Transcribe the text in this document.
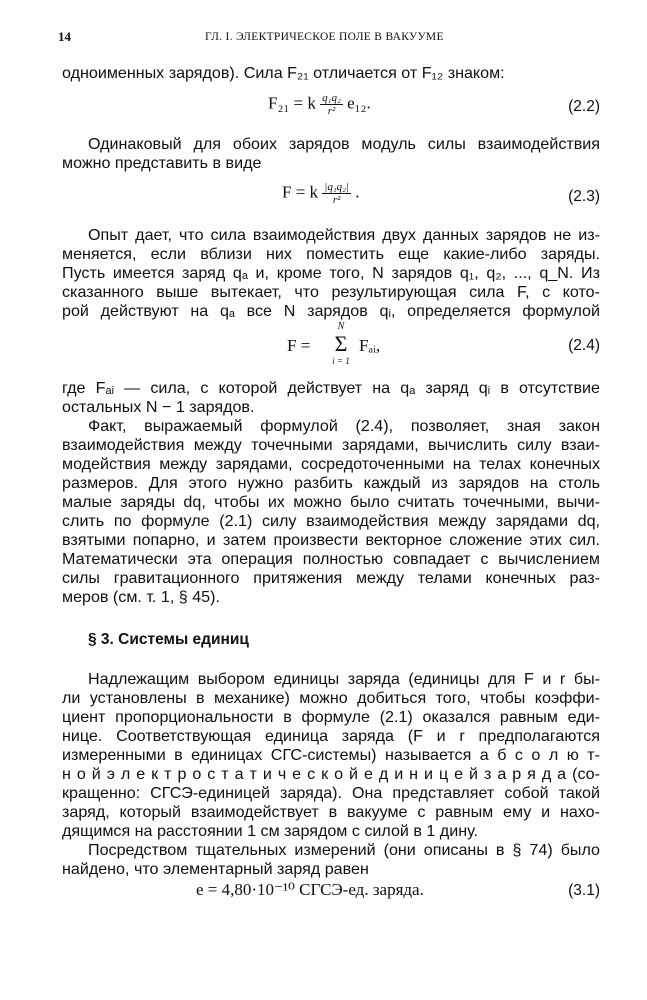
14	ГЛ. I. ЭЛЕКТРИЧЕСКОЕ ПОЛЕ В ВАКУУМЕ
одноименных зарядов). Сила F₂₁ отличается от F₁₂ знаком:
F₂₁ = k $\frac{\text{q₁q₂}}{\text{r²}} e_{12}$.	(2.2)
Одинаковый для обоих зарядов модуль силы взаимодействия
можно представить в виде
F = k $\frac{\text{|q₁q₂|}}{\text{r²}}$ .	(2.3)
Опыт дает, что сила взаимодействия двух данных зарядов не из-
меняется, если вблизи них поместить еще какие-либо заряды.
Пусть имеется заряд qₐ и, кроме того, N зарядов q₁, q₂, ..., q_N. Из
сказанного выше вытекает, что результирующая сила F, с кото-
рой действуют на qₐ все N зарядов qᵢ, определяется формулой
F =
N
Σ
i = 1
Fₐᵢ,	(2.4)
где Fₐᵢ — сила, с которой действует на qₐ заряд qᵢ в отсутствие
остальных N − 1 зарядов.
Факт, выражаемый формулой (2.4), позволяет, зная закон
взаимодействия между точечными зарядами, вычислить силу взаи-
модействия между зарядами, сосредоточенными на телах конечных
размеров. Для этого нужно разбить каждый из зарядов на столь
малые заряды dq, чтобы их можно было считать точечными, вычи-
слить по формуле (2.1) силу взаимодействия между зарядами dq,
взятыми попарно, и затем произвести векторное сложение этих сил.
Математически эта операция полностью совпадает с вычислением
силы гравитационного притяжения между телами конечных раз-
меров (см. т. 1, § 45).
§ 3. Системы единиц
Надлежащим выбором единицы заряда (единицы для F и r бы-
ли установлены в механике) можно добиться того, чтобы коэффи-
циент пропорциональности в формуле (2.1) оказался равным еди-
нице. Соответствующая единица заряда (F и r предполагаются
измеренными в единицах СГС-системы) называется а б с о л ю т-
н о й э л е к т р о с т а т и ч е с к о й е д и н и ц е й з а р я д а (со-
кращенно: СГСЭ-единицей заряда). Она представляет собой такой
заряд, который взаимодействует в вакууме с равным ему и нахо-
дящимся на расстоянии 1 см зарядом с силой в 1 дину.
Посредством тщательных измерений (они описаны в § 74) было
найдено, что элементарный заряд равен
e = 4,80·10⁻¹⁰ СГСЭ-ед. заряда.	(3.1)
